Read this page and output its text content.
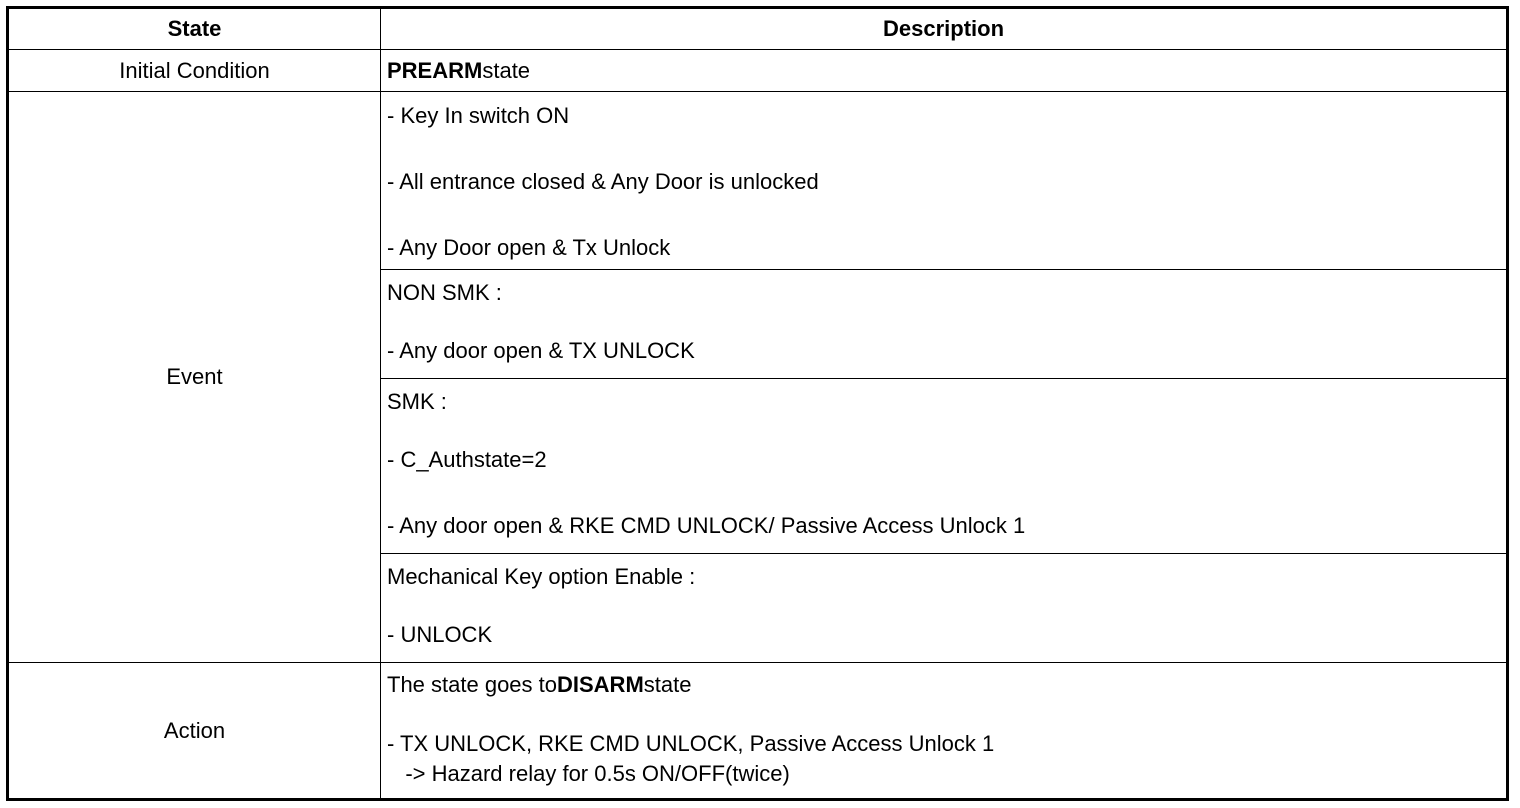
State	Description
Initial Condition	PREARMstate
Event	- Key In switch ON
- All entrance closed & Any Door is unlocked
- Any Door open & Tx Unlock

	NON SMK :
- Any door open & TX UNLOCK

	SMK :
- C_Authstate=2
- Any door open & RKE CMD UNLOCK/ Passive Access Unlock 1

	Mechanical Key option Enable :
- UNLOCK

Action	The state goes toDISARMstate
- TX UNLOCK, RKE CMD UNLOCK, Passive Access Unlock 1
-> Hazard relay for 0.5s ON/OFF(twice)
